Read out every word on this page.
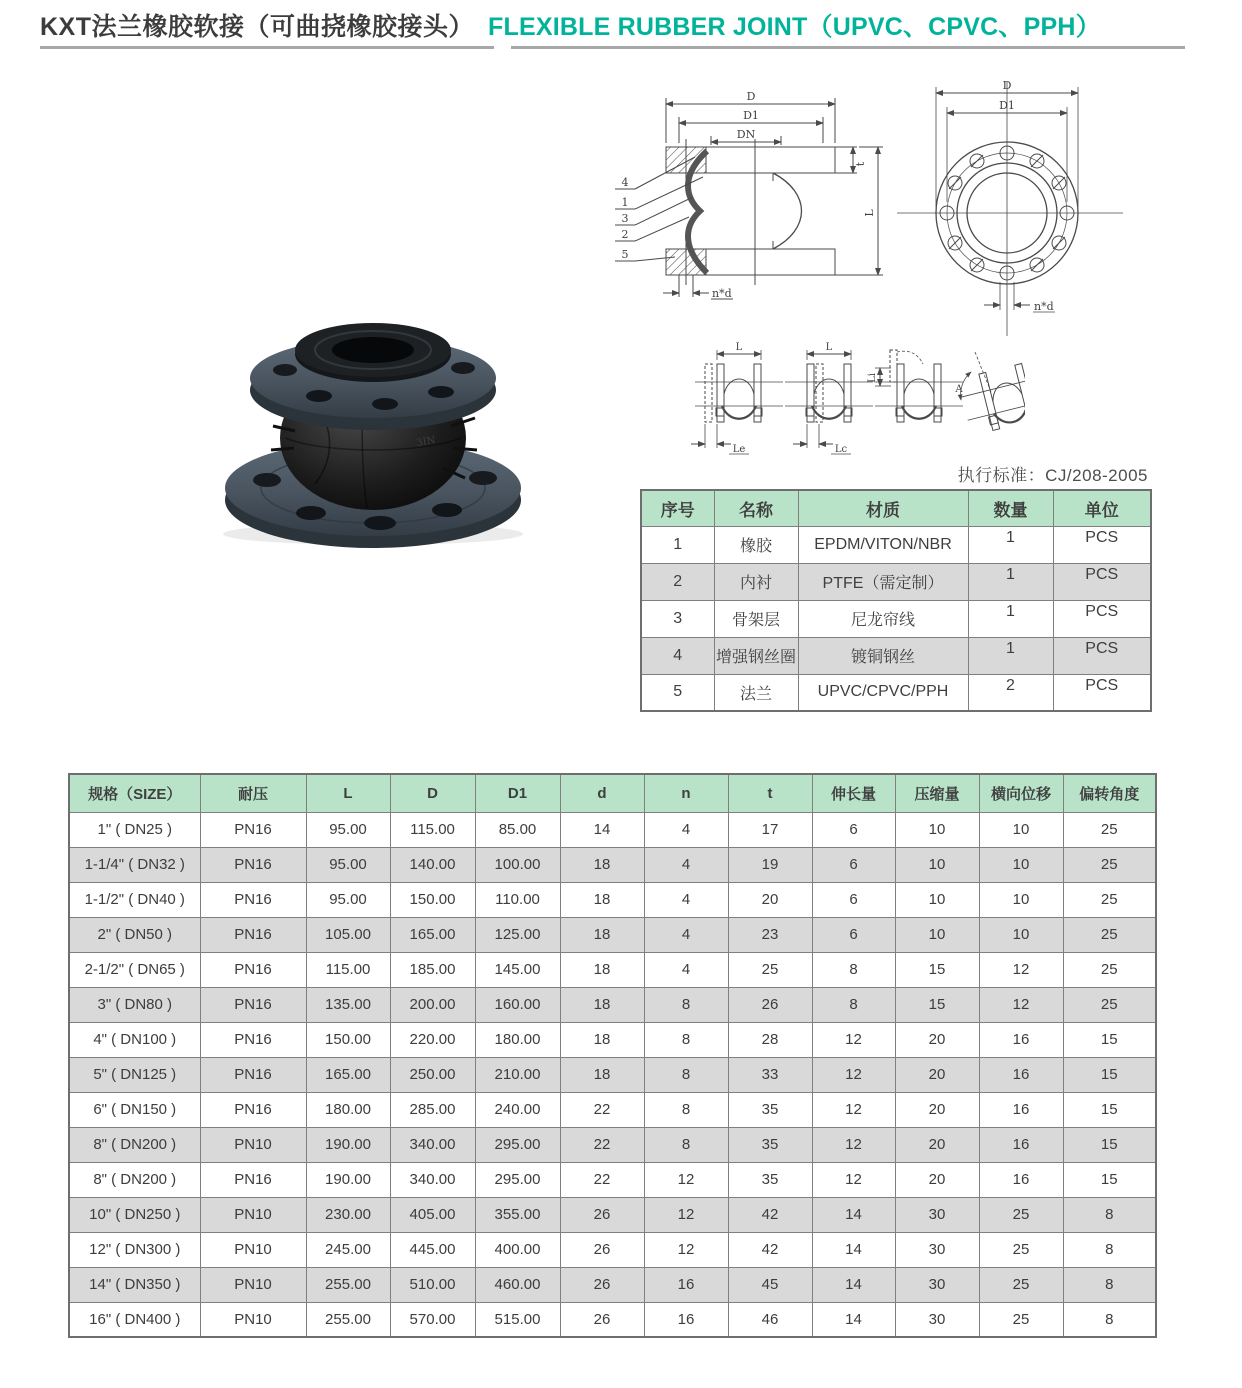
KXT法兰橡胶软接（可曲挠橡胶接头） FLEXIBLE RUBBER JOINT（UPVC、CPVC、PPH）
3IN
D
D1
DN
t
L
n*d
4
1
3
2
5
D
D1
n*d
L
Le
L
Lc
Li
A
执行标准：CJ/208-2005
序号	名称	材质	数量	单位
1	橡胶	EPDM/VITON/NBR	1	PCS
2	内衬	PTFE（需定制）	1	PCS
3	骨架层	尼龙帘线	1	PCS
4	增强钢丝圈	镀铜钢丝	1	PCS
5	法兰	UPVC/CPVC/PPH	2	PCS
规格（SIZE）	耐压	L	D	D1	d	n	t	伸长量	压缩量	横向位移	偏转角度
1" ( DN25 )	PN16	95.00	115.00	85.00	14	4	17	6	10	10	25
1-1/4" ( DN32 )	PN16	95.00	140.00	100.00	18	4	19	6	10	10	25
1-1/2" ( DN40 )	PN16	95.00	150.00	110.00	18	4	20	6	10	10	25
2" ( DN50 )	PN16	105.00	165.00	125.00	18	4	23	6	10	10	25
2-1/2" ( DN65 )	PN16	115.00	185.00	145.00	18	4	25	8	15	12	25
3" ( DN80 )	PN16	135.00	200.00	160.00	18	8	26	8	15	12	25
4" ( DN100 )	PN16	150.00	220.00	180.00	18	8	28	12	20	16	15
5" ( DN125 )	PN16	165.00	250.00	210.00	18	8	33	12	20	16	15
6" ( DN150 )	PN16	180.00	285.00	240.00	22	8	35	12	20	16	15
8" ( DN200 )	PN10	190.00	340.00	295.00	22	8	35	12	20	16	15
8" ( DN200 )	PN16	190.00	340.00	295.00	22	12	35	12	20	16	15
10" ( DN250 )	PN10	230.00	405.00	355.00	26	12	42	14	30	25	8
12" ( DN300 )	PN10	245.00	445.00	400.00	26	12	42	14	30	25	8
14" ( DN350 )	PN10	255.00	510.00	460.00	26	16	45	14	30	25	8
16" ( DN400 )	PN10	255.00	570.00	515.00	26	16	46	14	30	25	8
